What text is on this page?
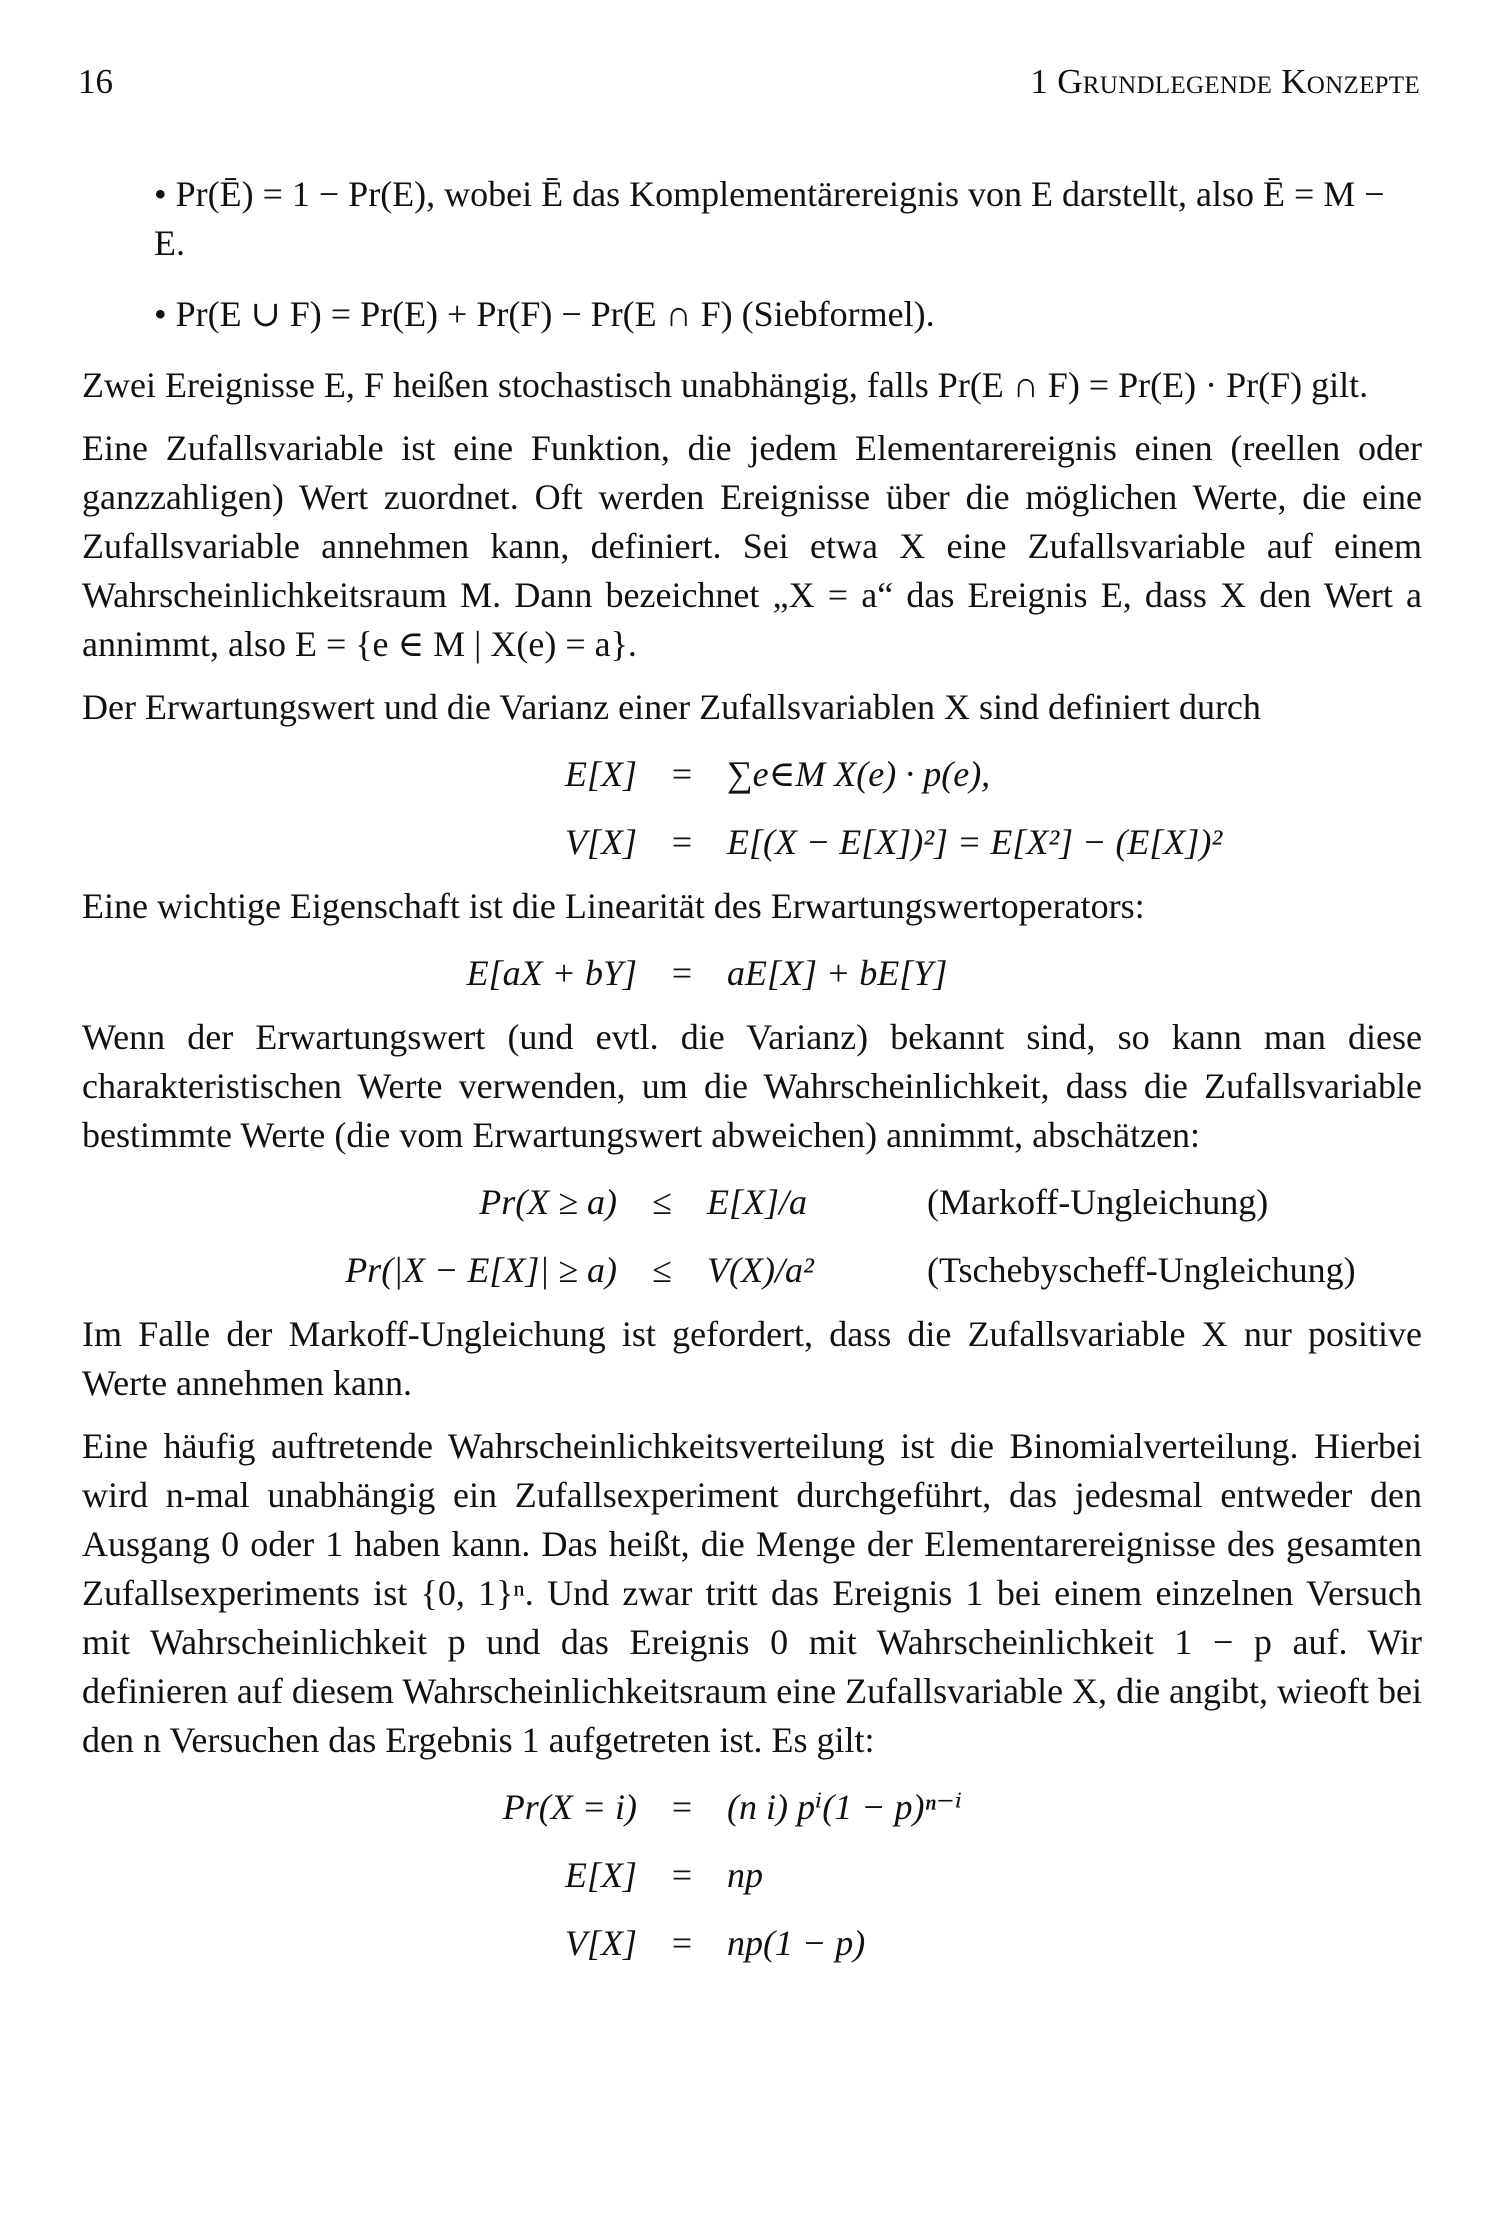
16	1 Grundlegende Konzepte
• Pr(Ē) = 1 − Pr(E), wobei Ē das Komplementärereignis von E darstellt, also Ē = M − E.
• Pr(E ∪ F) = Pr(E) + Pr(F) − Pr(E ∩ F) (Siebformel).

Zwei Ereignisse E, F heißen stochastisch unabhängig, falls Pr(E ∩ F) = Pr(E) · Pr(F) gilt.

Eine Zufallsvariable ist eine Funktion, die jedem Elementarereignis einen (reellen oder ganzzahligen) Wert zuordnet. Oft werden Ereignisse über die möglichen Werte, die eine Zufallsvariable annehmen kann, definiert. Sei etwa X eine Zufallsvariable auf einem Wahrscheinlichkeitsraum M. Dann bezeichnet „X = a“ das Ereignis E, dass X den Wert a annimmt, also E = {e ∈ M | X(e) = a}.

Der Erwartungswert und die Varianz einer Zufallsvariablen X sind definiert durch

E[X] = ∑e∈M X(e) · p(e),
V[X] = E[(X − E[X])²] = E[X²] − (E[X])²

Eine wichtige Eigenschaft ist die Linearität des Erwartungswertoperators:

E[aX + bY] = aE[X] + bE[Y]

Wenn der Erwartungswert (und evtl. die Varianz) bekannt sind, so kann man diese charakteristischen Werte verwenden, um die Wahrscheinlichkeit, dass die Zufallsvariable bestimmte Werte (die vom Erwartungswert abweichen) annimmt, abschätzen:

Pr(X ≥ a) ≤ E[X]/a	(Markoff-Ungleichung)
Pr(|X − E[X]| ≥ a) ≤ V(X)/a²	(Tschebyscheff-Ungleichung)

Im Falle der Markoff-Ungleichung ist gefordert, dass die Zufallsvariable X nur positive Werte annehmen kann.

Eine häufig auftretende Wahrscheinlichkeitsverteilung ist die Binomialverteilung. Hierbei wird n-mal unabhängig ein Zufallsexperiment durchgeführt, das jedesmal entweder den Ausgang 0 oder 1 haben kann. Das heißt, die Menge der Elementarereignisse des gesamten Zufallsexperiments ist {0, 1}ⁿ. Und zwar tritt das Ereignis 1 bei einem einzelnen Versuch mit Wahrscheinlichkeit p und das Ereignis 0 mit Wahrscheinlichkeit 1 − p auf. Wir definieren auf diesem Wahrscheinlichkeitsraum eine Zufallsvariable X, die angibt, wieoft bei den n Versuchen das Ergebnis 1 aufgetreten ist. Es gilt:

Pr(X = i) = (n i) pⁱ(1 − p)ⁿ⁻ⁱ
E[X] = np
V[X] = np(1 − p)
